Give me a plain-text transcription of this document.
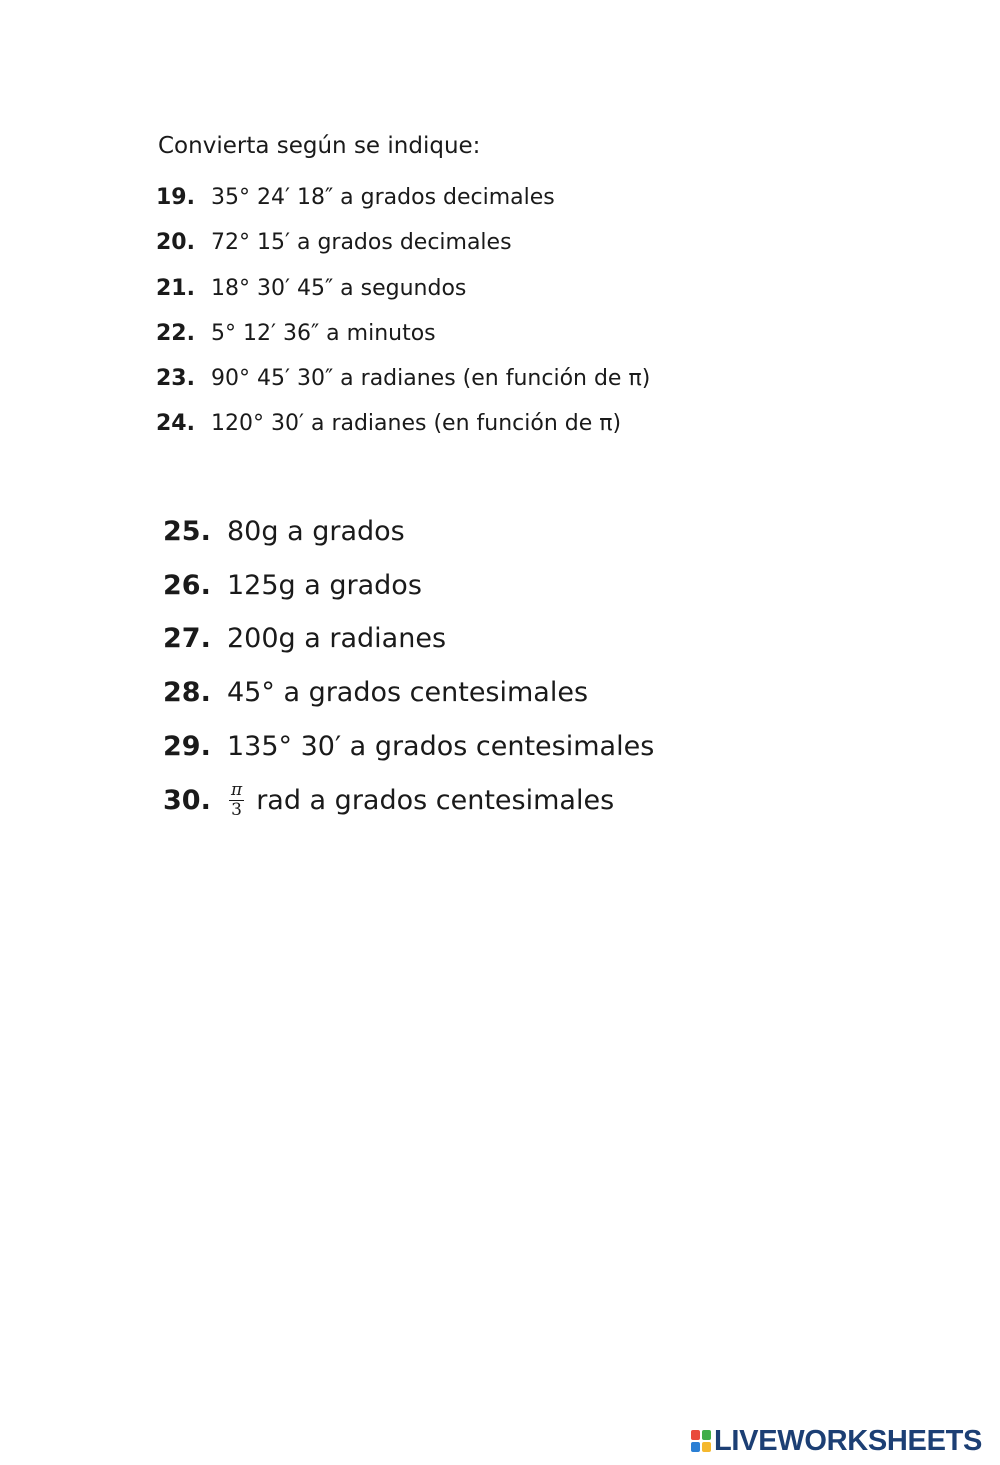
Convierta según se indique:
19. 35° 24′ 18″ a grados decimales
20. 72° 15′ a grados decimales
21. 18° 30′ 45″ a segundos
22. 5° 12′ 36″ a minutos
23. 90° 45′ 30″ a radianes (en función de π)
24. 120° 30′ a radianes (en función de π)
25. 80g a grados
26. 125g a grados
27. 200g a radianes
28. 45° a grados centesimales
29. 135° 30′ a grados centesimales
30.	$\frac{\pi}{3}$ rad a grados centesimales
LIVEWORKSHEETS
